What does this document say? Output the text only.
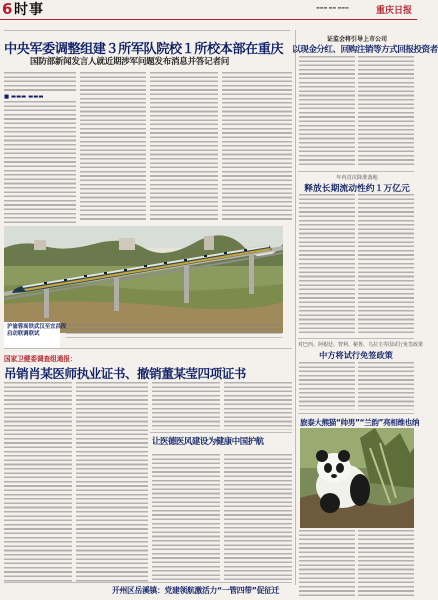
6 时事	▬▬▬ ▬▬ ▬▬▬	重庆日报
中央军委调整组建３所军队院校１所校本部在重庆
国防部新闻发言人就近期涉军问题发布消息并答记者问
■ ▬▬▬ ▬▬▬
证监会将引导上市公司
以现金分红、回购注销等方式回报投资者
年内首次降准落地
释放长期流动性约１万亿元
对巴西、阿根廷、智利、秘鲁、乌拉圭等国试行免签政策
中方将试行免签政策
旅泰大熊猫“帅男”“兰韵”亮相维也纳
沪渝蓉高铁武汉至宜昌段
启动联调联试
国家卫健委调查组通报：
吊销肖某医师执业证书、撤销董某莹四项证书
让医德医风建设为健康中国护航
开州区岳溪镇：党建领航激活力“一管四带”促征迁
